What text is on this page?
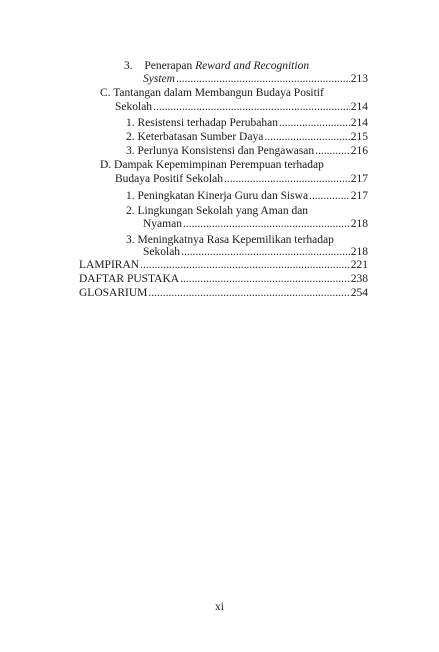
3. Penerapan Reward and Recognition
System .....	213
C. Tantangan dalam Membangun Budaya Positif
Sekolah .....	214
1. Resistensi terhadap Perubahan .....	214
2. Keterbatasan Sumber Daya .....	215
3. Perlunya Konsistensi dan Pengawasan .....	216
D. Dampak Kepemimpinan Perempuan terhadap
Budaya Positif Sekolah .....	217
1. Peningkatan Kinerja Guru dan Siswa .....	217
2. Lingkungan Sekolah yang Aman dan
Nyaman .....	218
3. Meningkatnya Rasa Kepemilikan terhadap
Sekolah .....	218
LAMPIRAN .....	221
DAFTAR PUSTAKA .....	238
GLOSARIUM .....	254
xi
